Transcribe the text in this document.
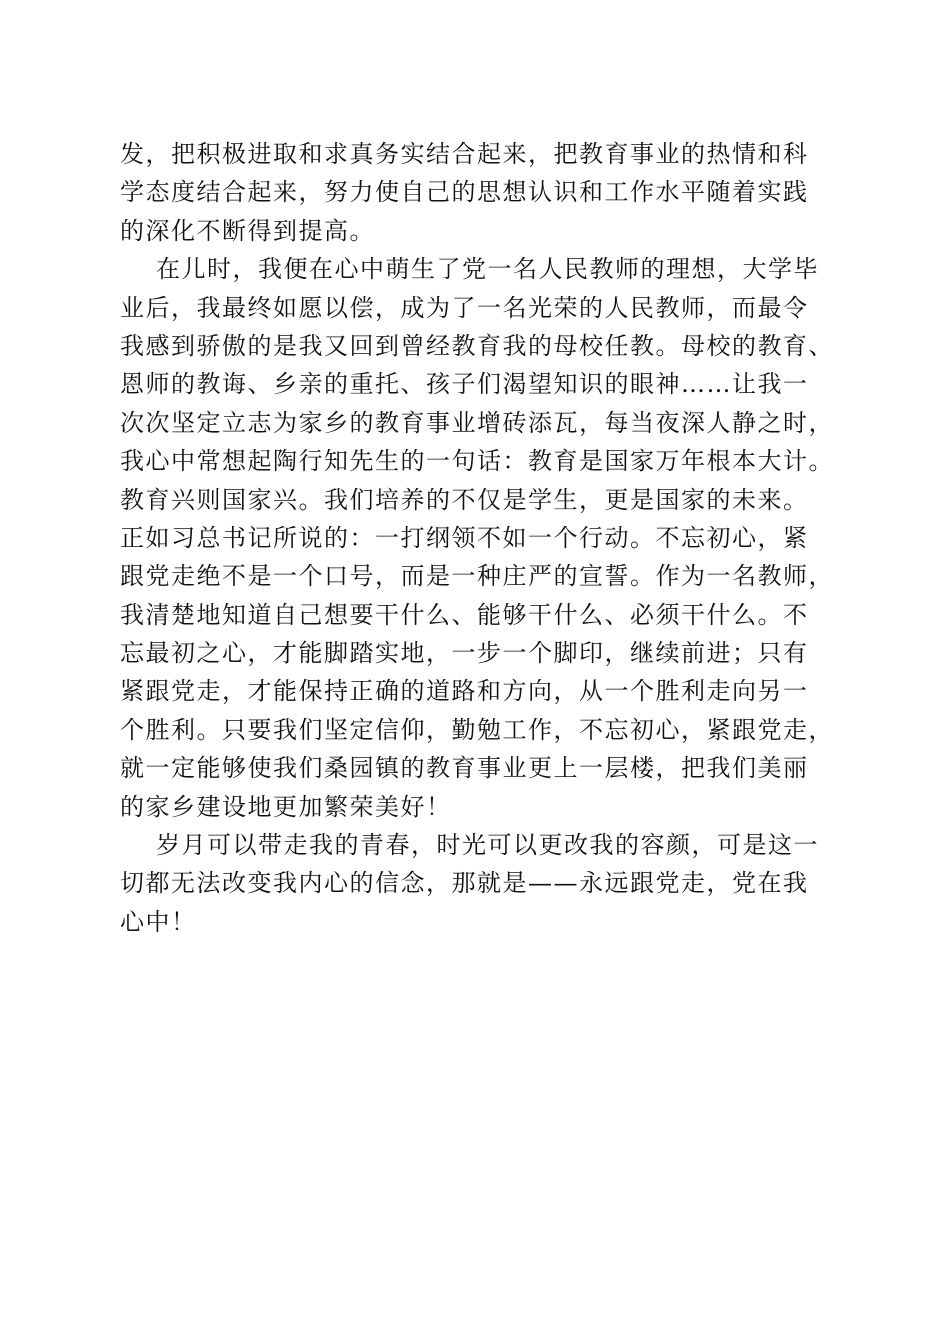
发，把积极进取和求真务实结合起来，把教育事业的热情和科
学态度结合起来，努力使自己的思想认识和工作水平随着实践
的深化不断得到提高。
在儿时，我便在心中萌生了党一名人民教师的理想，大学毕
业后，我最终如愿以偿，成为了一名光荣的人民教师，而最令
我感到骄傲的是我又回到曾经教育我的母校任教。母校的教育、
恩师的教诲、乡亲的重托、孩子们渴望知识的眼神……让我一
次次坚定立志为家乡的教育事业增砖添瓦，每当夜深人静之时，
我心中常想起陶行知先生的一句话：教育是国家万年根本大计。
教育兴则国家兴。我们培养的不仅是学生，更是国家的未来。
正如习总书记所说的：一打纲领不如一个行动。不忘初心，紧
跟党走绝不是一个口号，而是一种庄严的宣誓。作为一名教师，
我清楚地知道自己想要干什么、能够干什么、必须干什么。不
忘最初之心，才能脚踏实地，一步一个脚印，继续前进；只有
紧跟党走，才能保持正确的道路和方向，从一个胜利走向另一
个胜利。只要我们坚定信仰，勤勉工作，不忘初心，紧跟党走，
就一定能够使我们桑园镇的教育事业更上一层楼，把我们美丽
的家乡建设地更加繁荣美好！
岁月可以带走我的青春，时光可以更改我的容颜，可是这一
切都无法改变我内心的信念，那就是——永远跟党走，党在我
心中！
